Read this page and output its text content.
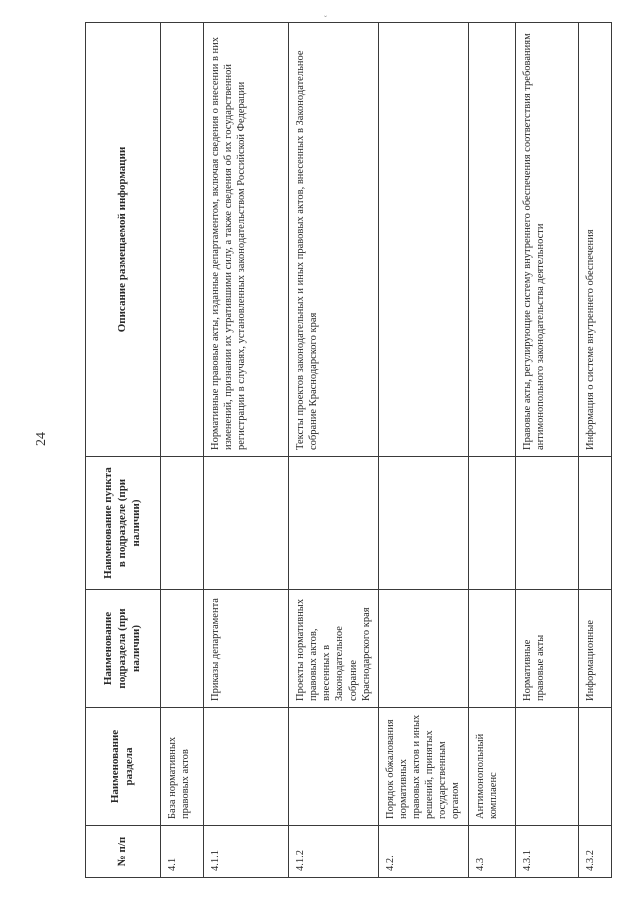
24
ˇ
№ п/п	Наименование раздела	Наименование подраздела (при наличии)	Наименование пункта в подразделе (при наличии)	Описание размещаемой информации
4.1	База нормативных правовых актов			
4.1.1		Приказы департамента		Нормативные правовые акты, изданные департаментом, включая сведения о внесении в них изменений, признании их утратившими силу, а также сведения об их государственной регистрации в случаях, установленных законодательством Российской Федерации
4.1.2		Проекты нормативных правовых актов, внесенных в Законодательное собрание Краснодарского края		Тексты проектов законодательных и иных правовых актов, внесенных в Законодательное собрание Краснодарского края
4.2.	Порядок обжалования нормативных правовых актов и иных решений, принятых государственным органом			
4.3	Антимонопольный комплаенс			
4.3.1		Нормативные правовые акты		Правовые акты, регулирующие систему внутреннего обеспечения соответствия требованиям антимонопольного законодательства деятельности
4.3.2		Информационные		Информация о системе внутреннего обеспечения
